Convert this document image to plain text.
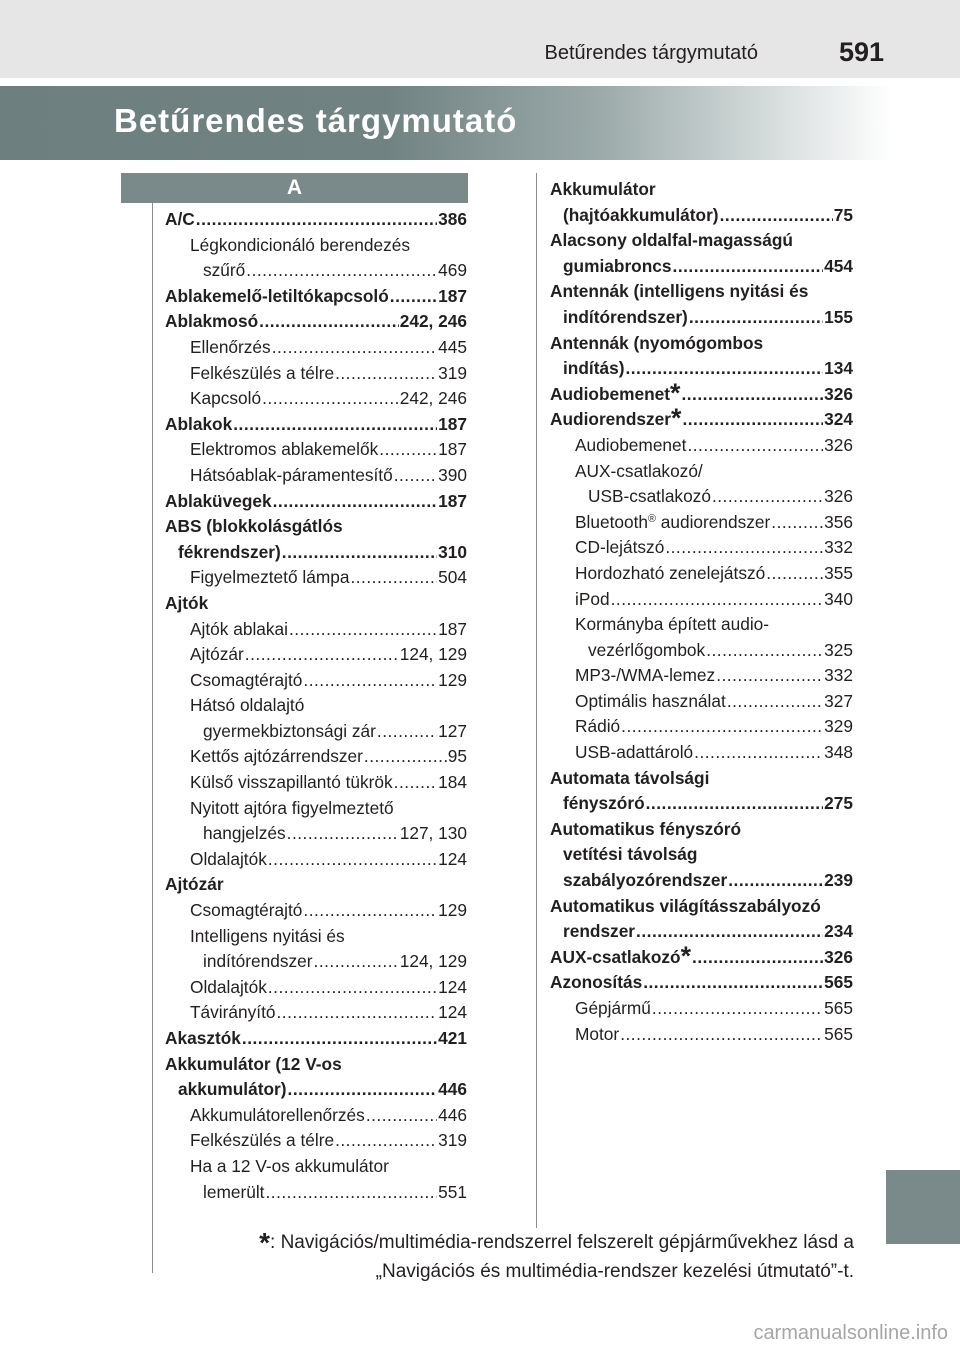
Betűrendes tárgymutató	591
Betűrendes tárgymutató
A
A/C .....	386
Légkondicionáló berendezés
szűrő .....	469
Ablakemelő-letiltókapcsoló .....	187
Ablakmosó .....	242, 246
Ellenőrzés .....	445
Felkészülés a télre .....	319
Kapcsoló .....	242, 246
Ablakok .....	187
Elektromos ablakemelők .....	187
Hátsóablak-páramentesítő .....	390
Ablaküvegek .....	187
ABS (blokkolásgátlós
fékrendszer) .....	310
Figyelmeztető lámpa .....	504
Ajtók
Ajtók ablakai .....	187
Ajtózár .....	124, 129
Csomagtérajtó .....	129
Hátsó oldalajtó
gyermekbiztonsági zár .....	127
Kettős ajtózárrendszer .....	95
Külső visszapillantó tükrök .....	184
Nyitott ajtóra figyelmeztető
hangjelzés .....	127, 130
Oldalajtók .....	124
Ajtózár
Csomagtérajtó .....	129
Intelligens nyitási és
indítórendszer .....	124, 129
Oldalajtók .....	124
Távirányító .....	124
Akasztók .....	421
Akkumulátor (12 V-os
akkumulátor) .....	446
Akkumulátorellenőrzés .....	446
Felkészülés a télre .....	319
Ha a 12 V-os akkumulátor
lemerült .....	551
Akkumulátor
(hajtóakkumulátor) .....	75
Alacsony oldalfal-magasságú
gumiabroncs .....	454
Antennák (intelligens nyitási és
indítórendszer) .....	155
Antennák (nyomógombos
indítás) .....	134
Audiobemenet* .....	326
Audiorendszer* .....	324
Audiobemenet .....	326
AUX-csatlakozó/
USB-csatlakozó .....	326
Bluetooth® audiorendszer .....	356
CD-lejátszó .....	332
Hordozható zenelejátszó .....	355
iPod .....	340
Kormányba épített audio-
vezérlőgombok .....	325
MP3-/WMA-lemez .....	332
Optimális használat .....	327
Rádió .....	329
USB-adattároló .....	348
Automata távolsági
fényszóró .....	275
Automatikus fényszóró
vetítési távolság
szabályozórendszer .....	239
Automatikus világításszabályozó
rendszer .....	234
AUX-csatlakozó* .....	326
Azonosítás .....	565
Gépjármű .....	565
Motor .....	565
*: Navigációs/multimédia-rendszerrel felszerelt gépjárművekhez lásd a
„Navigációs és multimédia-rendszer kezelési útmutató”-t.
carmanualsonline.info
